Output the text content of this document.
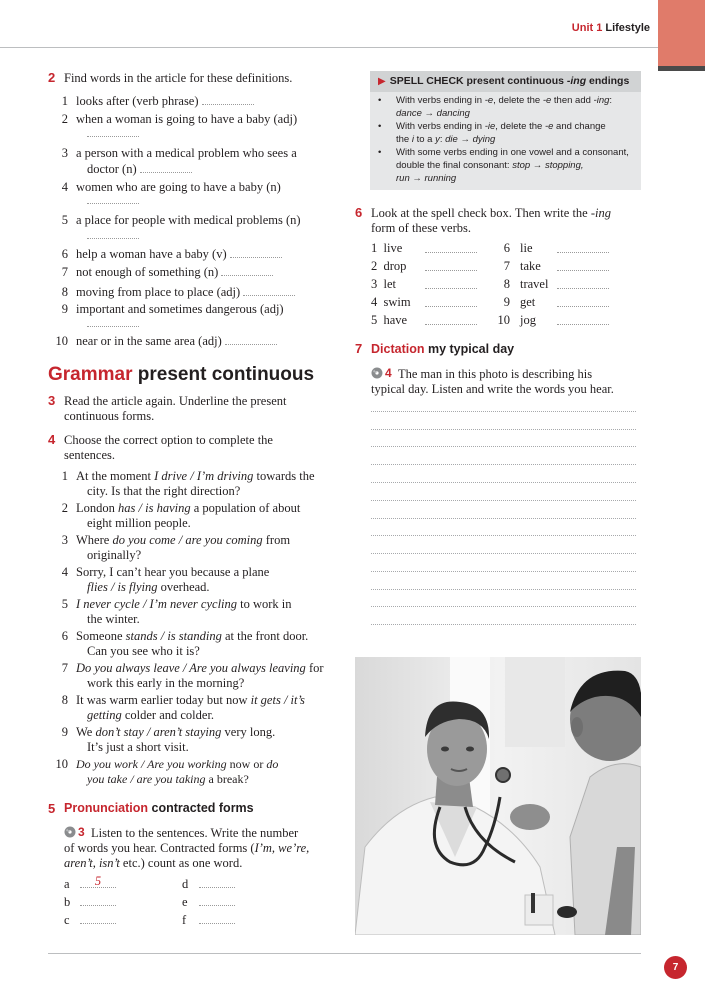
Unit 1 Lifestyle
2 Find words in the article for these definitions.
1 looks after (verb phrase)
2 when a woman is going to have a baby (adj)
3 a person with a medical problem who sees a
doctor (n)
4 women who are going to have a baby (n)
5 a place for people with medical problems (n)
6 help a woman have a baby (v)
7 not enough of something (n)
8 moving from place to place (adj)
9 important and sometimes dangerous (adj)
10 near or in the same area (adj)
Grammar present continuous
3 Read the article again. Underline the present
continuous forms.
4 Choose the correct option to complete the
sentences.
1 At the moment I drive / I’m driving towards the
city. Is that the right direction?
2 London has / is having a population of about
eight million people.
3 Where do you come / are you coming from
originally?
4 Sorry, I can’t hear you because a plane
flies / is flying overhead.
5 I never cycle / I’m never cycling to work in
the winter.
6 Someone stands / is standing at the front door.
Can you see who it is?
7 Do you always leave / Are you always leaving for
work this early in the morning?
8 It was warm earlier today but now it gets / it’s
getting colder and colder.
9 We don’t stay / aren’t staying very long.
It’s just a short visit.
10 Do you work / Are you working now or do
you take / are you taking a break?
5 Pronunciation contracted forms
3 Listen to the sentences. Write the number
of words you hear. Contracted forms (I’m, we’re,
aren’t, isn’t etc.) count as one word.
a	5
b
c
d
e
f
▶ SPELL CHECK present continuous -ing endings
• With verbs ending in -e, delete the -e then add -ing:
dance → dancing
• With verbs ending in -ie, delete the -e and change
the i to a y: die → dying
• With some verbs ending in one vowel and a consonant,
double the final consonant: stop → stopping,
run → running
6 Look at the spell check box. Then write the -ing
form of these verbs.
1 live
2 drop
3 let
4 swim
5 have
6 lie
7 take
8 travel
9 get
10 jog
7 Dictation my typical day
4 The man in this photo is describing his
typical day. Listen and write the words you hear.
7
